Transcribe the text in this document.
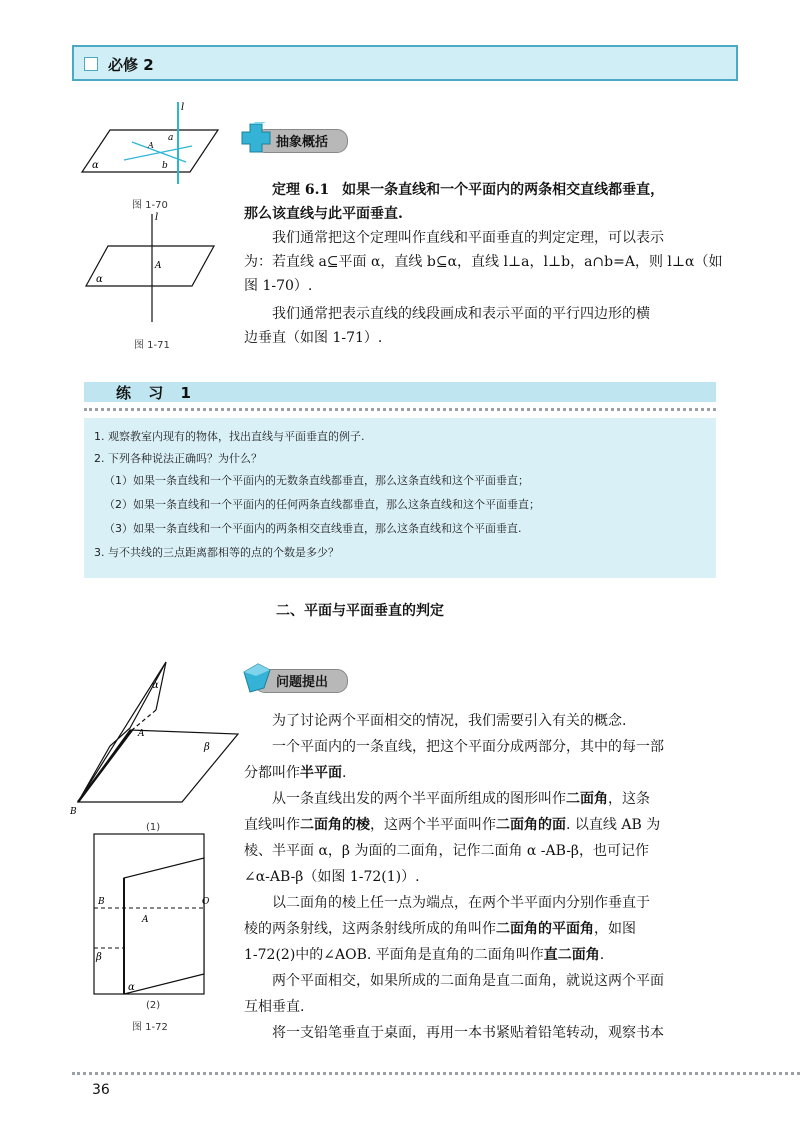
必修 2
l
a
b
α
A
图 1-70
l
A
α
图 1-71
抽象概括

定理 6.1 如果一条直线和一个平面内的两条相交直线都垂直，

那么该直线与此平面垂直.

我们通常把这个定理叫作直线和平面垂直的判定定理，可以表示

为：若直线 a⊆平面 α，直线 b⊆α，直线 l⊥a，l⊥b，a∩b=A，则 l⊥α（如

图 1-70）.

我们通常把表示直线的线段画成和表示平面的平行四边形的横

边垂直（如图 1-71）.

练 习 1
1. 观察教室内现有的物体，找出直线与平面垂直的例子.
2. 下列各种说法正确吗？为什么？
（1）如果一条直线和一个平面内的无数条直线都垂直，那么这条直线和这个平面垂直；
（2）如果一条直线和一个平面内的任何两条直线都垂直，那么这条直线和这个平面垂直；
（3）如果一条直线和一个平面内的两条相交直线垂直，那么这条直线和这个平面垂直.
3. 与不共线的三点距离都相等的点的个数是多少？
二、平面与平面垂直的判定
α
A
β
B
(1)
B
A
O
β
α
(2)
图 1-72
问题提出

为了讨论两个平面相交的情况，我们需要引入有关的概念.

一个平面内的一条直线，把这个平面分成两部分，其中的每一部

分都叫作半平面.

从一条直线出发的两个半平面所组成的图形叫作二面角，这条

直线叫作二面角的棱，这两个半平面叫作二面角的面. 以直线 AB 为

棱、半平面 α，β 为面的二面角，记作二面角 α -AB-β，也可记作

∠α-AB-β（如图 1-72(1)）.

以二面角的棱上任一点为端点，在两个半平面内分别作垂直于

棱的两条射线，这两条射线所成的角叫作二面角的平面角，如图

1-72(2)中的∠AOB. 平面角是直角的二面角叫作直二面角.

两个平面相交，如果所成的二面角是直二面角，就说这两个平面

互相垂直.

将一支铅笔垂直于桌面，再用一本书紧贴着铅笔转动，观察书本

36
